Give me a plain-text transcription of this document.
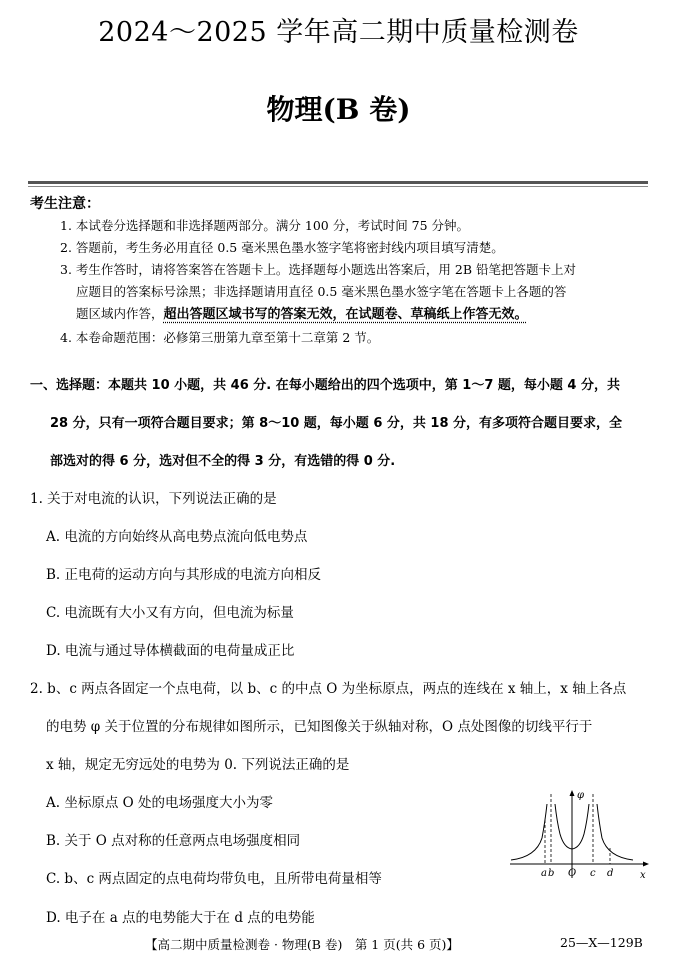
2024～2025 学年高二期中质量检测卷
物理(B 卷)
考生注意：
1. 本试卷分选择题和非选择题两部分。满分 100 分，考试时间 75 分钟。
2. 答题前，考生务必用直径 0.5 毫米黑色墨水签字笔将密封线内项目填写清楚。
3. 考生作答时，请将答案答在答题卡上。选择题每小题选出答案后，用 2B 铅笔把答题卡上对
应题目的答案标号涂黑；非选择题请用直径 0.5 毫米黑色墨水签字笔在答题卡上各题的答
题区域内作答，超出答题区域书写的答案无效，在试题卷、草稿纸上作答无效。
4. 本卷命题范围：必修第三册第九章至第十二章第 2 节。
一、选择题：本题共 10 小题，共 46 分. 在每小题给出的四个选项中，第 1～7 题，每小题 4 分，共
28 分，只有一项符合题目要求；第 8～10 题，每小题 6 分，共 18 分，有多项符合题目要求，全
部选对的得 6 分，选对但不全的得 3 分，有选错的得 0 分.
1. 关于对电流的认识，下列说法正确的是
A. 电流的方向始终从高电势点流向低电势点
B. 正电荷的运动方向与其形成的电流方向相反
C. 电流既有大小又有方向，但电流为标量
D. 电流与通过导体横截面的电荷量成正比
2. b、c 两点各固定一个点电荷，以 b、c 的中点 O 为坐标原点，两点的连线在 x 轴上，x 轴上各点
的电势 φ 关于位置的分布规律如图所示，已知图像关于纵轴对称，O 点处图像的切线平行于
x 轴，规定无穷远处的电势为 0. 下列说法正确的是
A. 坐标原点 O 处的电场强度大小为零
B. 关于 O 点对称的任意两点电场强度相同
C. b、c 两点固定的点电荷均带负电，且所带电荷量相等
D. 电子在 a 点的电势能大于在 d 点的电势能
φ
x
a b O c d
【高二期中质量检测卷 · 物理(B 卷)　第 1 页(共 6 页)】	25—X—129B
